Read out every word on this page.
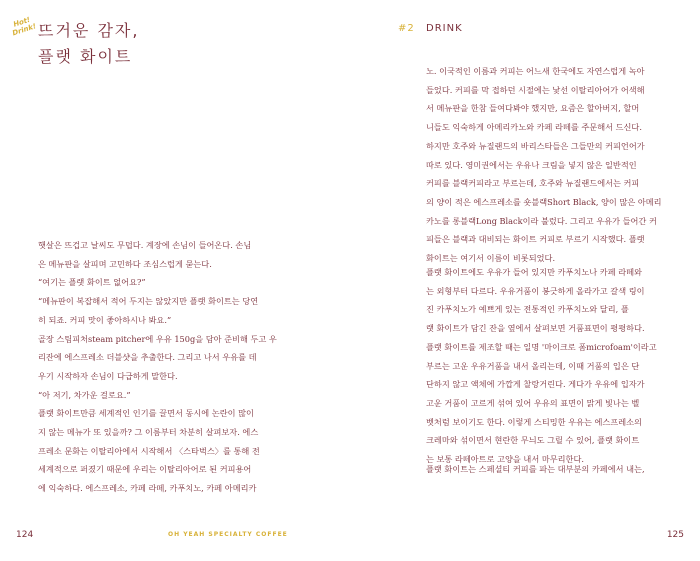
Hot! Drink! 뜨거운 감자,
플랫 화이트

햇살은 뜨겁고 날씨도 무덥다. 계장에 손님이 들어온다. 손님
은 메뉴판을 살피며 고민하다 조심스럽게 묻는다.
“여기는 플랫 화이트 없어요?”
“메뉴판이 복잡해서 적어 두지는 않았지만 플랫 화이트는 당연
히 되죠. 커피 맛이 좋아하시나 봐요.”
골장 스팀피처steam pitcher에 우유 150g을 담아 준비해 두고 우
리잔에 에스프레소 더블샷을 추출한다. 그리고 나서 우유를 데
우기 시작하자 손님이 다급하게 말한다.
“아 저기, 차가운 걸로요.”
플랫 화이트만큼 세계적인 인기를 끌면서 동시에 논란이 많이
지 않는 메뉴가 또 있을까? 그 이름부터 차분히 살펴보자. 에스
프레소 문화는 이탈리아에서 시작해서 〈스타벅스〉를 통해 전
세계적으로 퍼졌기 때문에 우리는 이탈리아어로 된 커피용어
에 익숙하다. 에스프레소, 카페 라떼, 카푸치노, 카페 아메리카

124	OH YEAH SPECIALTY COFFEE
#2 DRINK

노. 이국적인 이름과 커피는 어느새 한국에도 자연스럽게 녹아
들었다. 커피를 막 접하던 시절에는 낯선 이탈리아어가 어색해
서 메뉴판을 한참 들여다봐야 했지만, 요즘은 할아버지, 할머
니들도 익숙하게 아메리카노와 카페 라떼를 주문해서 드신다.
하지만 호주와 뉴질랜드의 바리스타들은 그들만의 커피언어가
따로 있다. 영미권에서는 우유나 크림을 넣지 않은 일반적인
커피를 블랙커피라고 부르는데, 호주와 뉴질랜드에서는 커피
의 양이 적은 에스프레소를 숏블랙Short Black, 양이 많은 아메리
카노를 롱블랙Long Black이라 불렀다. 그리고 우유가 들어간 커
피들은 블랙과 대비되는 화이트 커피로 부르기 시작했다. 플랫
화이트는 여기서 이름이 비롯되었다.

플랫 화이트에도 우유가 들어 있지만 카푸치노나 카페 라떼와
는 외형부터 다르다. 우유거품이 봉긋하게 올라가고 갈색 링이
진 카푸치노가 예쁘게 있는 전통적인 카푸치노와 달리, 플
랫 화이트가 담긴 잔을 옆에서 살펴보면 거품표면이 평평하다.
플랫 화이트를 제조할 때는 일명 '마이크로 폼microfoam'이라고
부르는 고운 우유거품을 내서 올리는데, 이때 거품의 입은 단
단하지 않고 액체에 가깝게 찰랑거린다. 게다가 우유에 입자가
고운 거품이 고르게 섞여 있어 우유의 표면이 맑게 빛나는 벨
벳처럼 보이기도 한다. 이렇게 스티밍한 우유는 에스프레소의
크레마와 섞이면서 현란한 무늬도 그릴 수 있어, 플랫 화이트
는 보통 라떼아트로 고양을 내서 마무리한다.

플랫 화이트는 스페셜티 커피를 파는 대부분의 카페에서 내는,

125
